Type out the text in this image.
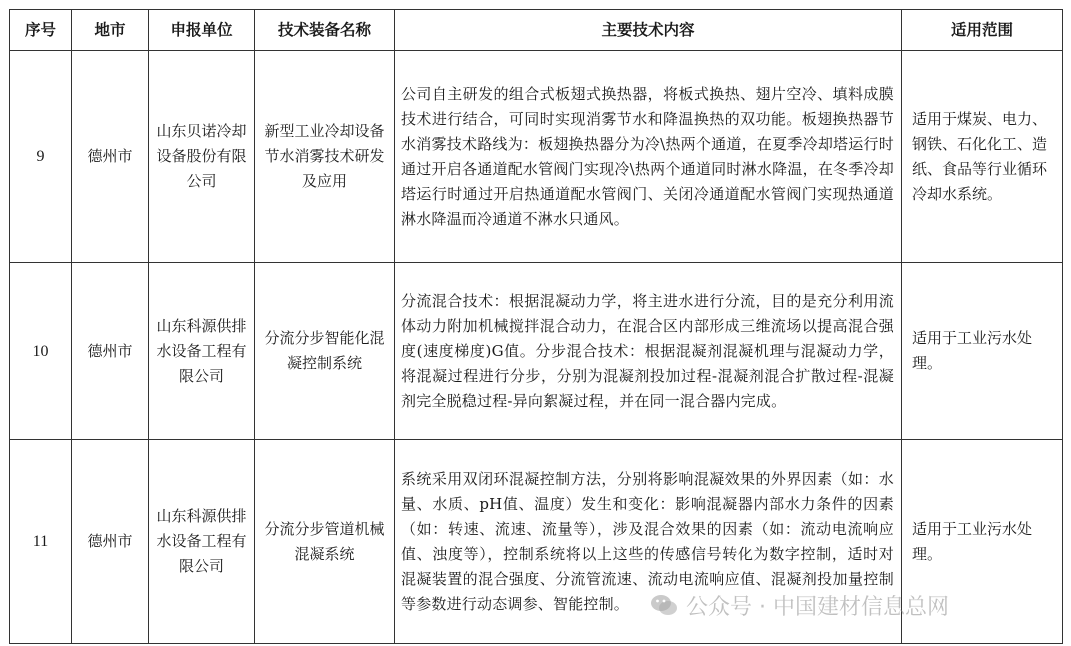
序号	地市	申报单位	技术装备名称	主要技术内容	适用范围
9	德州市	山东贝诺冷却设备股份有限公司	新型工业冷却设备节水消雾技术研发及应用	公司自主研发的组合式板翅式换热器，将板式换热、翅片空冷、填料成膜技术进行结合，可同时实现消雾节水和降温换热的双功能。板翅换热器节水消雾技术路线为：板翅换热器分为冷\热两个通道，在夏季冷却塔运行时通过开启各通道配水管阀门实现冷\热两个通道同时淋水降温，在冬季冷却塔运行时通过开启热通道配水管阀门、关闭冷通道配水管阀门实现热通道淋水降温而冷通道不淋水只通风。	适用于煤炭、电力、钢铁、石化化工、造纸、食品等行业循环冷却水系统。
10	德州市	山东科源供排水设备工程有限公司	分流分步智能化混凝控制系统	分流混合技术：根据混凝动力学，将主进水进行分流，目的是充分利用流体动力附加机械搅拌混合动力，在混合区内部形成三维流场以提高混合强度(速度梯度)G值。分步混合技术：根据混凝剂混凝机理与混凝动力学，将混凝过程进行分步，分别为混凝剂投加过程-混凝剂混合扩散过程-混凝剂完全脱稳过程-异向絮凝过程，并在同一混合器内完成。	适用于工业污水处理。
11	德州市	山东科源供排水设备工程有限公司	分流分步管道机械混凝系统	系统采用双闭环混凝控制方法，分别将影响混凝效果的外界因素（如：水量、水质、pH值、温度）发生和变化：影响混凝器内部水力条件的因素（如：转速、流速、流量等），涉及混合效果的因素（如：流动电流响应值、浊度等），控制系统将以上这些的传感信号转化为数字控制，适时对混凝装置的混合强度、分流管流速、流动电流响应值、混凝剂投加量控制等参数进行动态调参、智能控制。	适用于工业污水处理。
公众号 · 中国建材信息总网
